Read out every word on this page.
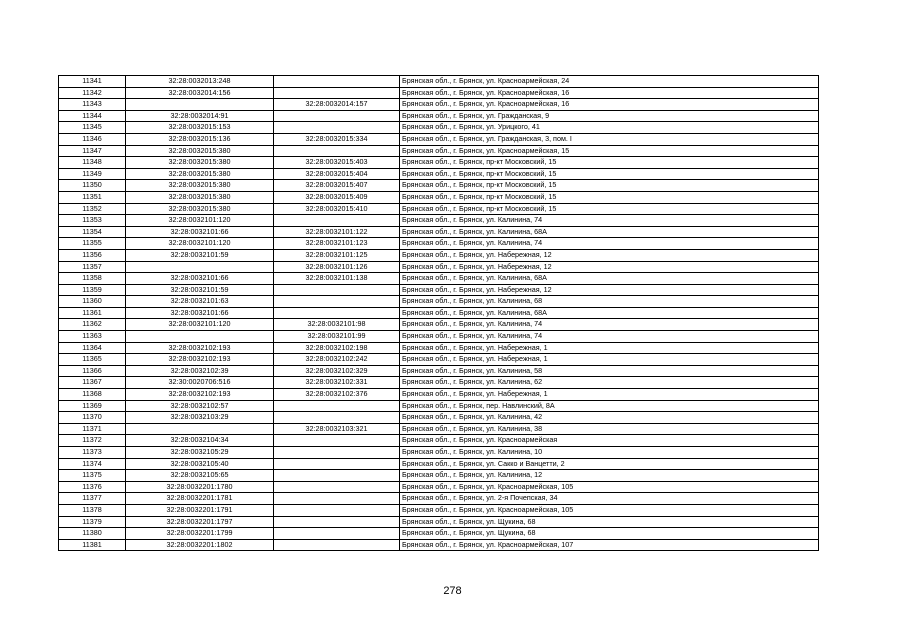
11341	32:28:0032013:248		Брянская обл., г. Брянск, ул. Красноармейская, 24
11342	32:28:0032014:156		Брянская обл., г. Брянск, ул. Красноармейская, 16
11343		32:28:0032014:157	Брянская обл., г. Брянск, ул. Красноармейская, 16
11344	32:28:0032014:91		Брянская обл., г. Брянск, ул. Гражданская, 9
11345	32:28:0032015:153		Брянская обл., г. Брянск, ул. Урицкого, 41
11346	32:28:0032015:136	32:28:0032015:334	Брянская обл., г. Брянск, ул. Гражданская, 3, пом. I
11347	32:28:0032015:380		Брянская обл., г. Брянск, ул. Красноармейская, 15
11348	32:28:0032015:380	32:28:0032015:403	Брянская обл., г. Брянск, пр-кт Московский, 15
11349	32:28:0032015:380	32:28:0032015:404	Брянская обл., г. Брянск, пр-кт Московский, 15
11350	32:28:0032015:380	32:28:0032015:407	Брянская обл., г. Брянск, пр-кт Московский, 15
11351	32:28:0032015:380	32:28:0032015:409	Брянская обл., г. Брянск, пр-кт Московский, 15
11352	32:28:0032015:380	32:28:0032015:410	Брянская обл., г. Брянск, пр-кт Московский, 15
11353	32:28:0032101:120		Брянская обл., г. Брянск, ул. Калинина, 74
11354	32:28:0032101:66	32:28:0032101:122	Брянская обл., г. Брянск, ул. Калинина, 68А
11355	32:28:0032101:120	32:28:0032101:123	Брянская обл., г. Брянск, ул. Калинина, 74
11356	32:28:0032101:59	32:28:0032101:125	Брянская обл., г. Брянск, ул. Набережная, 12
11357		32:28:0032101:126	Брянская обл., г. Брянск, ул. Набережная, 12
11358	32:28:0032101:66	32:28:0032101:138	Брянская обл., г. Брянск, ул. Калинина, 68А
11359	32:28:0032101:59		Брянская обл., г. Брянск, ул. Набережная, 12
11360	32:28:0032101:63		Брянская обл., г. Брянск, ул. Калинина, 68
11361	32:28:0032101:66		Брянская обл., г. Брянск, ул. Калинина, 68А
11362	32:28:0032101:120	32:28:0032101:98	Брянская обл., г. Брянск, ул. Калинина, 74
11363		32:28:0032101:99	Брянская обл., г. Брянск, ул. Калинина, 74
11364	32:28:0032102:193	32:28:0032102:198	Брянская обл., г. Брянск, ул. Набережная, 1
11365	32:28:0032102:193	32:28:0032102:242	Брянская обл., г. Брянск, ул. Набережная, 1
11366	32:28:0032102:39	32:28:0032102:329	Брянская обл., г. Брянск, ул. Калинина, 58
11367	32:30:0020706:516	32:28:0032102:331	Брянская обл., г. Брянск, ул. Калинина, 62
11368	32:28:0032102:193	32:28:0032102:376	Брянская обл., г. Брянск, ул. Набережная, 1
11369	32:28:0032102:57		Брянская обл., г. Брянск, пер. Навлинский, 8А
11370	32:28:0032103:29		Брянская обл., г. Брянск, ул. Калинина, 42
11371		32:28:0032103:321	Брянская обл., г. Брянск, ул. Калинина, 38
11372	32:28:0032104:34		Брянская обл., г. Брянск, ул. Красноармейская
11373	32:28:0032105:29		Брянская обл., г. Брянск, ул. Калинина, 10
11374	32:28:0032105:40		Брянская обл., г. Брянск, ул. Сакко и Ванцетти, 2
11375	32:28:0032105:65		Брянская обл., г. Брянск, ул. Калинина, 12
11376	32:28:0032201:1780		Брянская обл., г. Брянск, ул. Красноармейская, 105
11377	32:28:0032201:1781		Брянская обл., г. Брянск, ул. 2-я Почепская, 34
11378	32:28:0032201:1791		Брянская обл., г. Брянск, ул. Красноармейская, 105
11379	32:28:0032201:1797		Брянская обл., г. Брянск, ул. Щукина, 68
11380	32:28:0032201:1799		Брянская обл., г. Брянск, ул. Щукина, 68
11381	32:28:0032201:1802		Брянская обл., г. Брянск, ул. Красноармейская, 107
278
